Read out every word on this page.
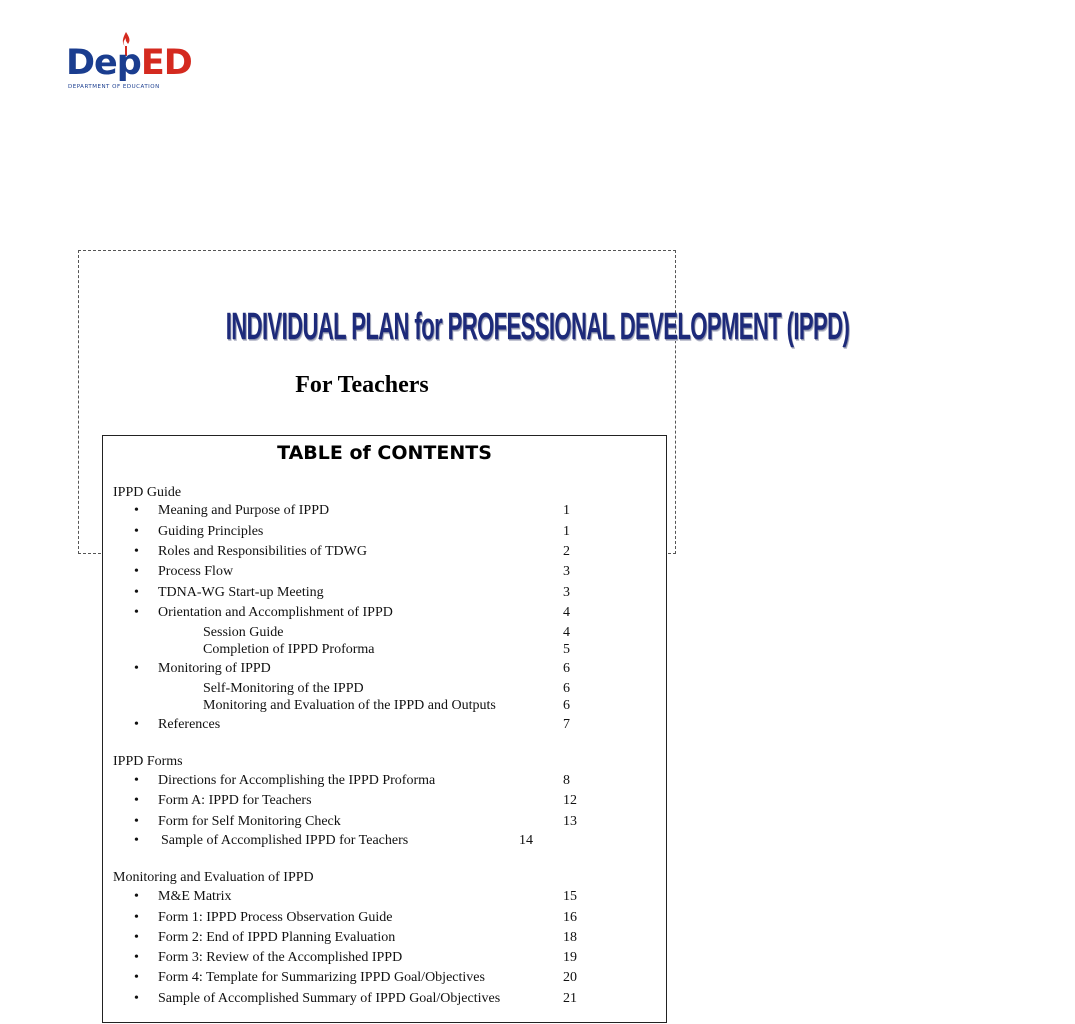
DepED
DEPARTMENT OF EDUCATION
INDIVIDUAL PLAN for PROFESSIONAL DEVELOPMENT (IPPD)
For Teachers
TABLE of CONTENTS
IPPD Guide
• Meaning and Purpose of IPPD	1
• Guiding Principles	1
• Roles and Responsibilities of TDWG	2
• Process Flow	3
• TDNA-WG Start-up Meeting	3
• Orientation and Accomplishment of IPPD	4
Session Guide	4
Completion of IPPD Proforma	5
• Monitoring of IPPD	6
Self-Monitoring of the IPPD	6
Monitoring and Evaluation of the IPPD and Outputs	6
• References	7
IPPD Forms
• Directions for Accomplishing the IPPD Proforma	8
• Form A: IPPD for Teachers	12
• Form for Self Monitoring Check	13
• Sample of Accomplished IPPD for Teachers	14
Monitoring and Evaluation of IPPD
• M&E Matrix	15
• Form 1: IPPD Process Observation Guide	16
• Form 2: End of IPPD Planning Evaluation	18
• Form 3: Review of the Accomplished IPPD	19
• Form 4: Template for Summarizing IPPD Goal/Objectives	20
• Sample of Accomplished Summary of IPPD Goal/Objectives	21
